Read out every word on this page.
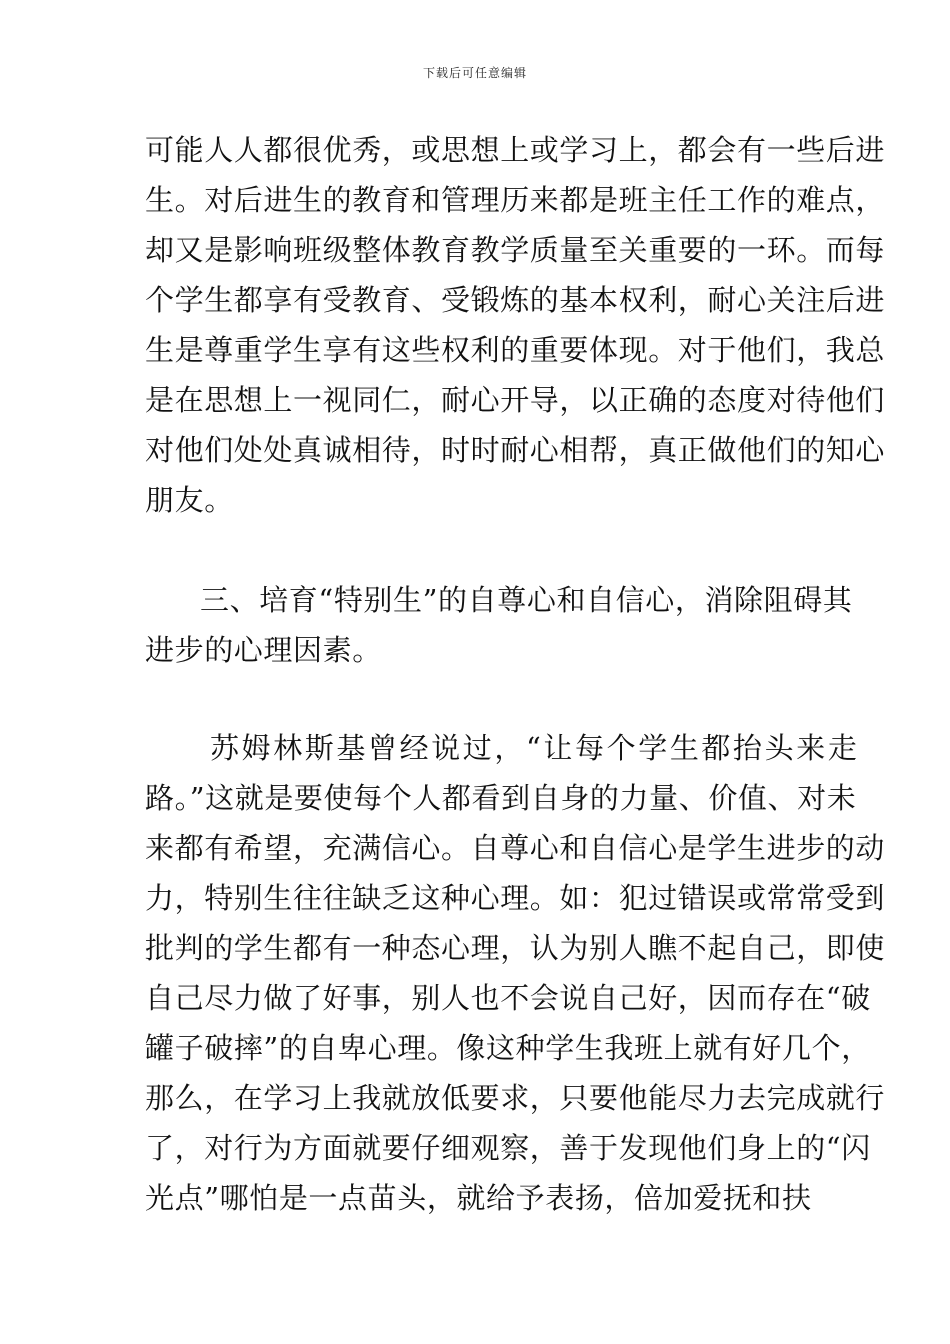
下载后可任意编辑
可能人人都很优秀，或思想上或学习上，都会有一些后进
生。对后进生的教育和管理历来都是班主任工作的难点，
却又是影响班级整体教育教学质量至关重要的一环。而每
个学生都享有受教育、受锻炼的基本权利，耐心关注后进
生是尊重学生享有这些权利的重要体现。对于他们，我总
是在思想上一视同仁，耐心开导，以正确的态度对待他们
对他们处处真诚相待，时时耐心相帮，真正做他们的知心
朋友。
三、培育“特别生”的自尊心和自信心，消除阻碍其
进步的心理因素。
苏姆林斯基曾经说过，“让每个学生都抬头来走
路。”这就是要使每个人都看到自身的力量、价值、对未
来都有希望，充满信心。自尊心和自信心是学生进步的动
力，特别生往往缺乏这种心理。如：犯过错误或常常受到
批判的学生都有一种态心理，认为别人瞧不起自己，即使
自己尽力做了好事，别人也不会说自己好，因而存在“破
罐子破摔”的自卑心理。像这种学生我班上就有好几个，
那么，在学习上我就放低要求，只要他能尽力去完成就行
了，对行为方面就要仔细观察，善于发现他们身上的“闪
光点”哪怕是一点苗头，就给予表扬，倍加爱抚和扶
